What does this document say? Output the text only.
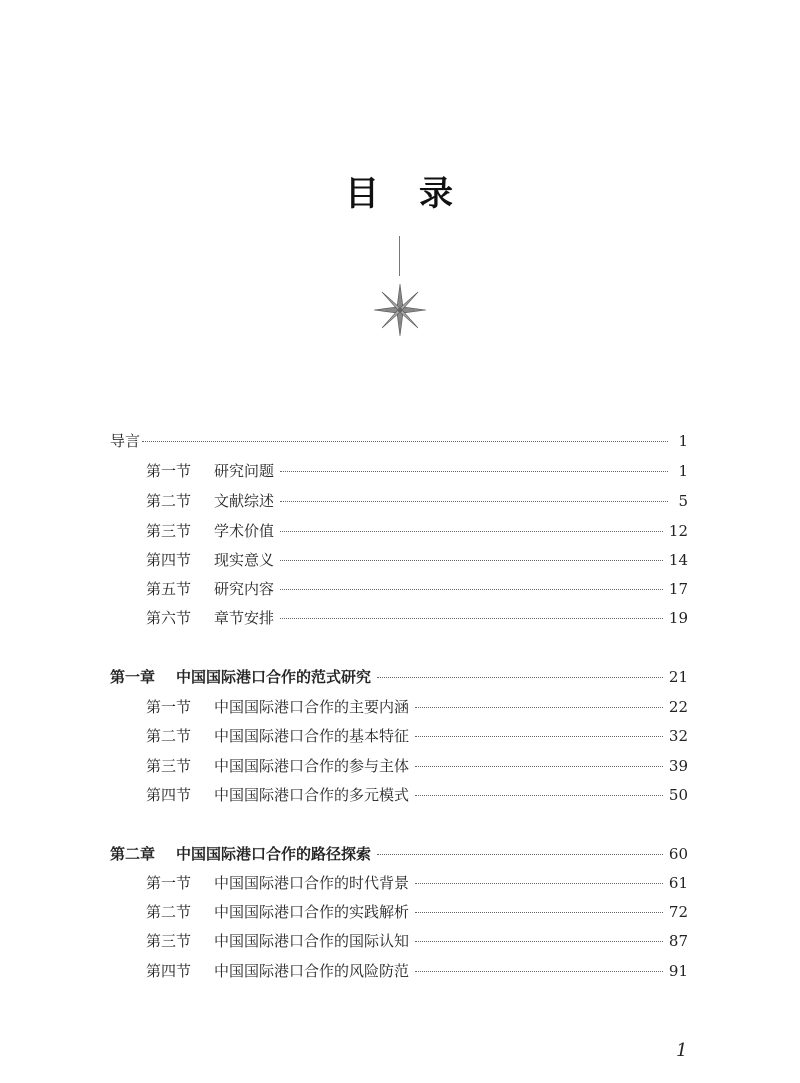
目 录
导言	1
第一节	研究问题	1
第二节	文献综述	5
第三节	学术价值	12
第四节	现实意义	14
第五节	研究内容	17
第六节	章节安排	19
第一章	中国国际港口合作的范式研究	21
第一节	中国国际港口合作的主要内涵	22
第二节	中国国际港口合作的基本特征	32
第三节	中国国际港口合作的参与主体	39
第四节	中国国际港口合作的多元模式	50
第二章	中国国际港口合作的路径探索	60
第一节	中国国际港口合作的时代背景	61
第二节	中国国际港口合作的实践解析	72
第三节	中国国际港口合作的国际认知	87
第四节	中国国际港口合作的风险防范	91
1
